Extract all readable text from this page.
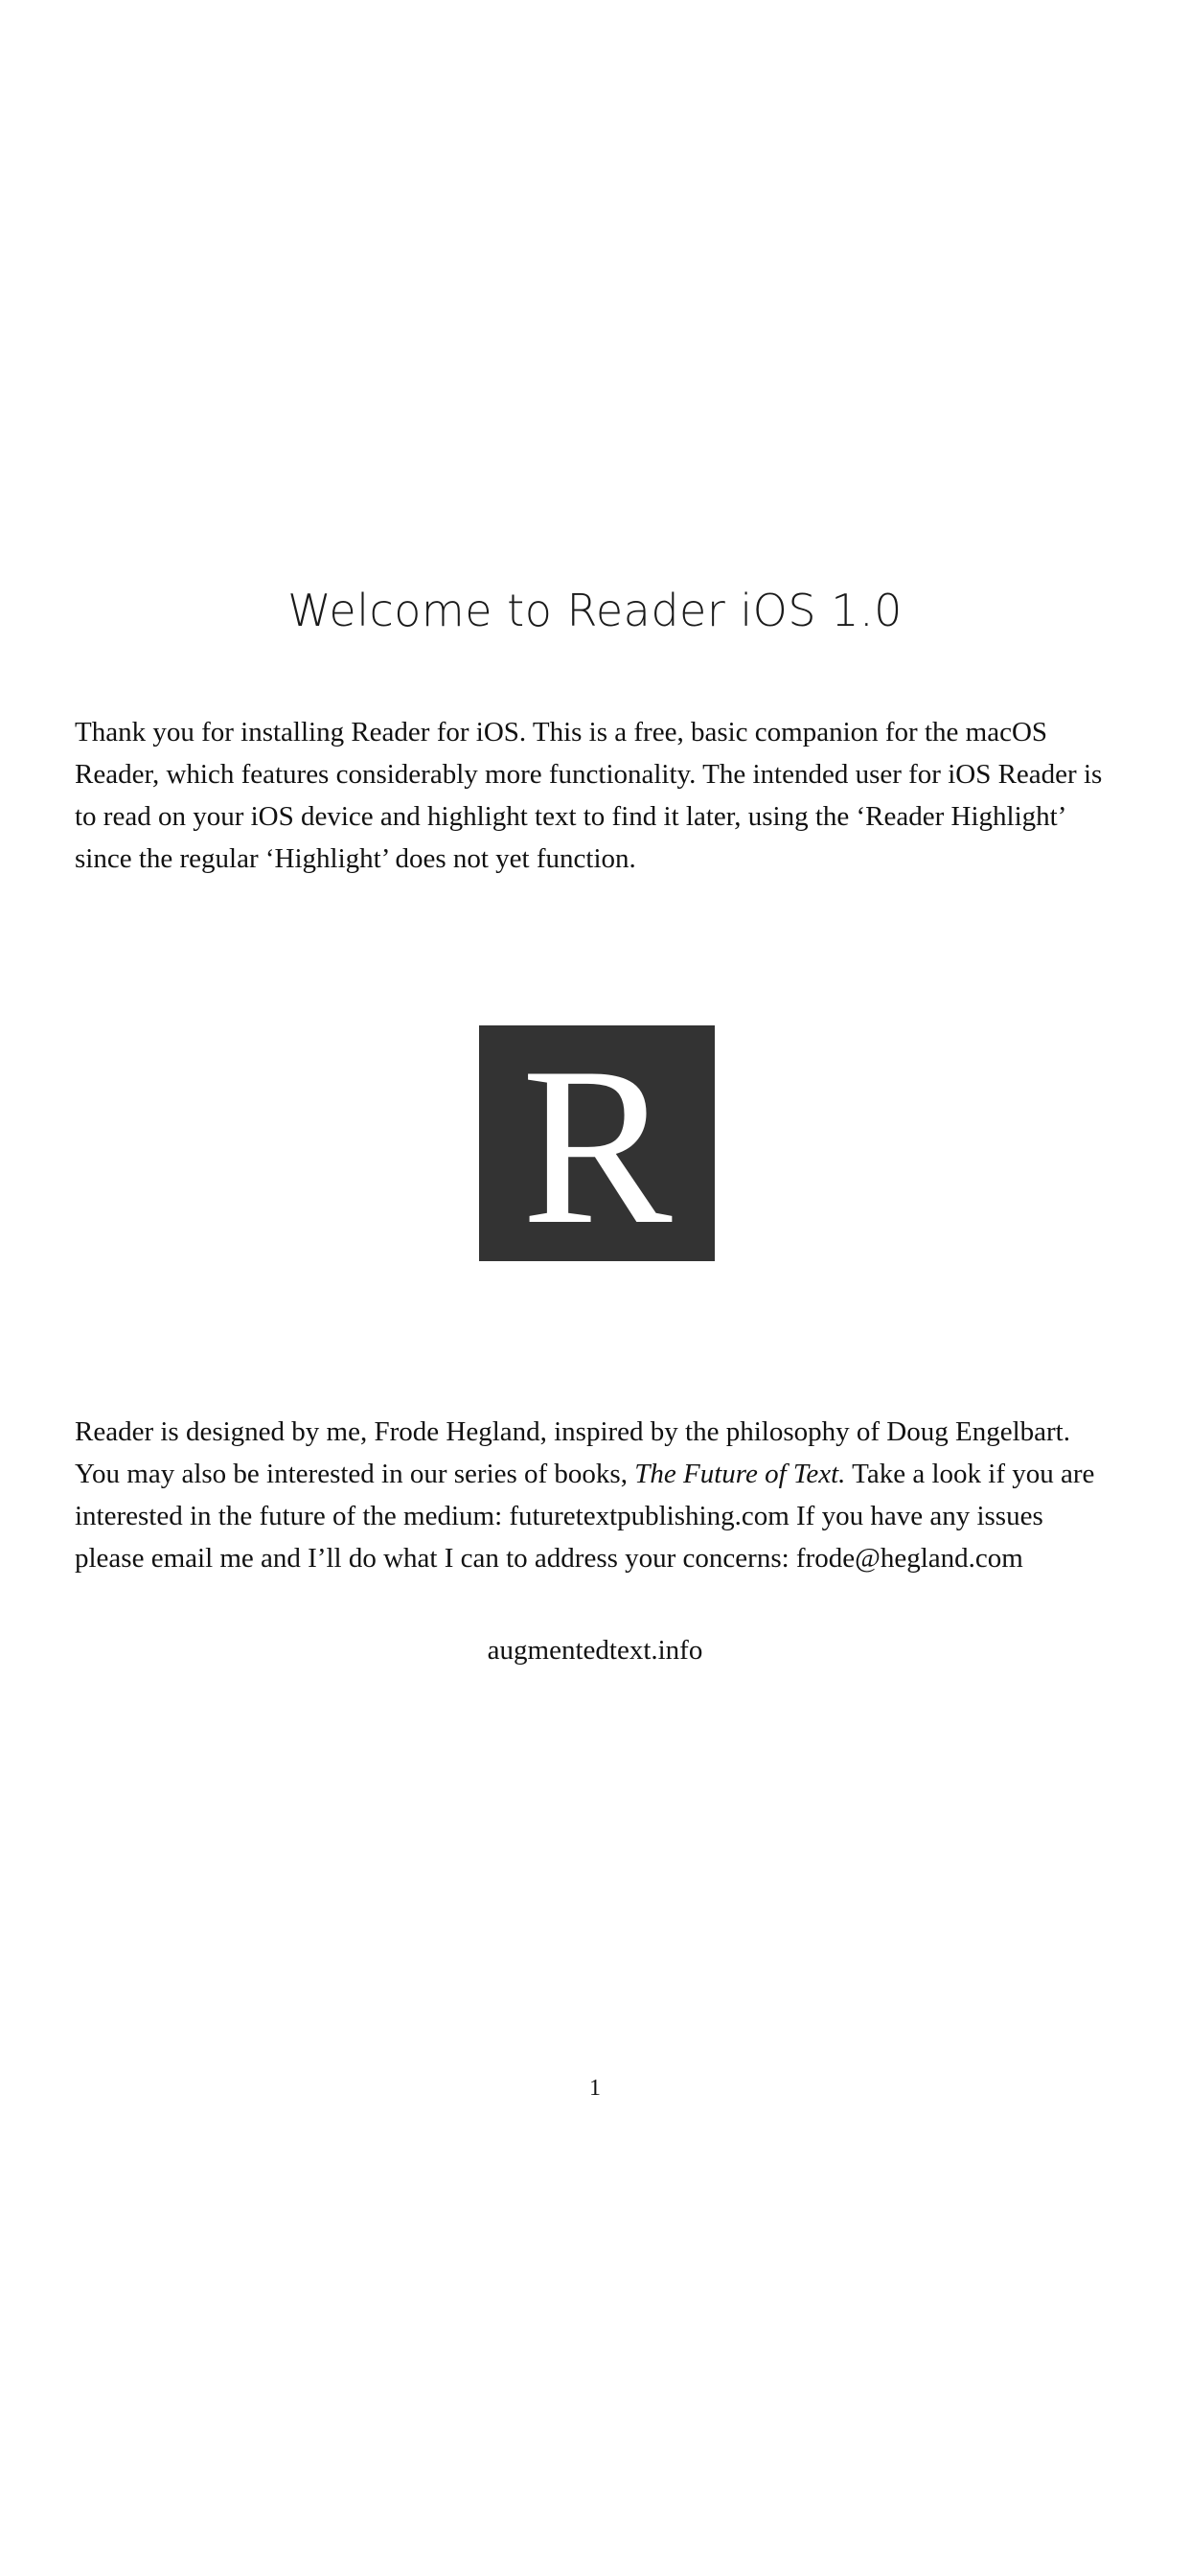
Welcome to Reader iOS 1.0

Thank you for installing Reader for iOS. This is a free, basic companion for the macOS Reader, which features considerably more functionality. The intended user for iOS Reader is to read on your iOS device and highlight text to find it later, using the ‘Reader Highlight’ since the regular ‘Highlight’ does not yet function.

R

Reader is designed by me, Frode Hegland, inspired by the philosophy of Doug Engelbart. You may also be interested in our series of books, The Future of Text. Take a look if you are interested in the future of the medium: futuretextpublishing.com If you have any issues please email me and I’ll do what I can to address your concerns: frode@hegland.com

augmentedtext.info
1
